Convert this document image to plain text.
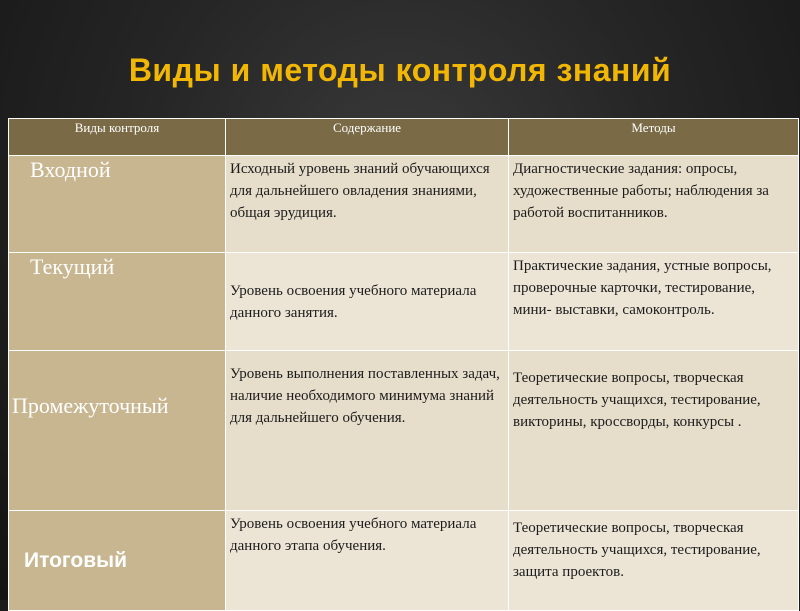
Виды и методы контроля знаний
Виды контроля	Содержание	Методы

Входной	Исходный уровень знаний обучающихся для дальнейшего овладения знаниями, общая эрудиция.	Диагностические задания: опросы, художественные работы; наблюдения за работой воспитанников.

Текущий	Уровень освоения учебного материала данного занятия.	Практические задания, устные вопросы, проверочные карточки, тестирование, мини- выставки, самоконтроль.

Промежуточный	Уровень выполнения поставленных задач, наличие необходимого минимума знаний для дальнейшего обучения.	Теоретические вопросы, творческая деятельность учащихся, тестирование, викторины, кроссворды, конкурсы .

Итоговый	Уровень освоения учебного материала данного этапа обучения.	Теоретические вопросы, творческая деятельность учащихся, тестирование, защита проектов.
